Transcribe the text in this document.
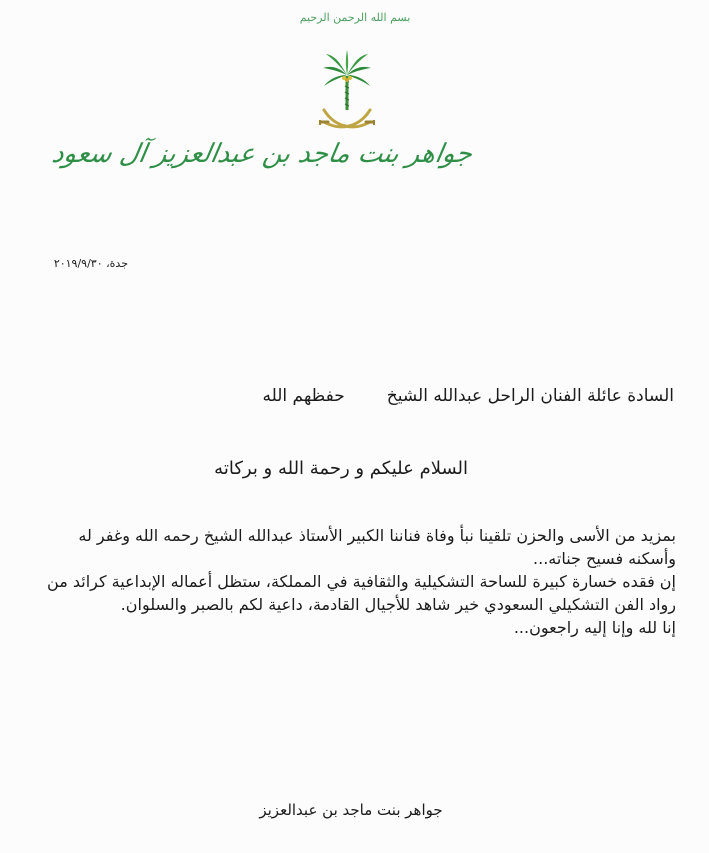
بسم الله الرحمن الرحيم
جواهر بنت ماجد بن عبدالعزيز آل سعود
جدة، ٢٠١٩/٩/٣٠
السادة عائلة الفنان الراحل عبدالله الشيخحفظهم الله
السلام عليكم و رحمة الله و بركاته
بمزيد من الأسى والحزن تلقينا نبأ وفاة فناننا الكبير الأستاذ عبدالله الشيخ رحمه الله وغفر له
وأسكنه فسيح جناته...
إن فقده خسارة كبيرة للساحة التشكيلية والثقافية في المملكة، ستظل أعماله الإبداعية كرائد من
رواد الفن التشكيلي السعودي خير شاهد للأجيال القادمة، داعية لكم بالصبر والسلوان.
إنا لله وإنا إليه راجعون...
جواهر بنت ماجد بن عبدالعزيز
